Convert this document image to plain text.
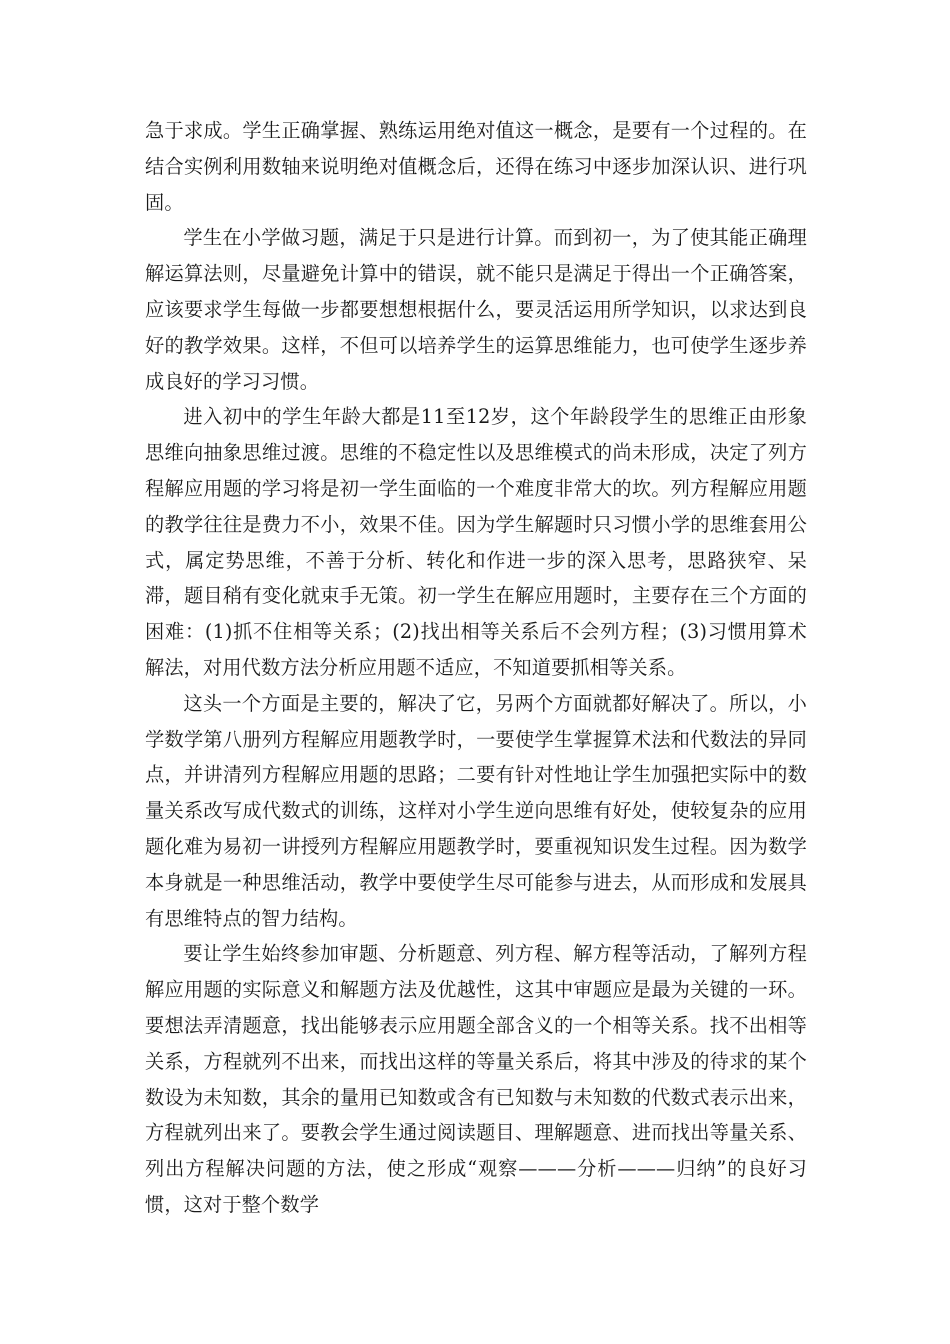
急于求成。学生正确掌握、熟练运用绝对值这一概念，是要有一个过程的。在结合实例利用数轴来说明绝对值概念后，还得在练习中逐步加深认识、进行巩固。

学生在小学做习题，满足于只是进行计算。而到初一，为了使其能正确理解运算法则，尽量避免计算中的错误，就不能只是满足于得出一个正确答案，应该要求学生每做一步都要想想根据什么，要灵活运用所学知识，以求达到良好的教学效果。这样，不但可以培养学生的运算思维能力，也可使学生逐步养成良好的学习习惯。

进入初中的学生年龄大都是11至12岁，这个年龄段学生的思维正由形象思维向抽象思维过渡。思维的不稳定性以及思维模式的尚未形成，决定了列方程解应用题的学习将是初一学生面临的一个难度非常大的坎。列方程解应用题的教学往往是费力不小，效果不佳。因为学生解题时只习惯小学的思维套用公式，属定势思维，不善于分析、转化和作进一步的深入思考，思路狭窄、呆滞，题目稍有变化就束手无策。初一学生在解应用题时，主要存在三个方面的困难：(1)抓不住相等关系；(2)找出相等关系后不会列方程；(3)习惯用算术解法，对用代数方法分析应用题不适应，不知道要抓相等关系。

这头一个方面是主要的，解决了它，另两个方面就都好解决了。所以，小学数学第八册列方程解应用题教学时，一要使学生掌握算术法和代数法的异同点，并讲清列方程解应用题的思路；二要有针对性地让学生加强把实际中的数量关系改写成代数式的训练，这样对小学生逆向思维有好处，使较复杂的应用题化难为易初一讲授列方程解应用题教学时，要重视知识发生过程。因为数学本身就是一种思维活动，教学中要使学生尽可能参与进去，从而形成和发展具有思维特点的智力结构。

要让学生始终参加审题、分析题意、列方程、解方程等活动，了解列方程解应用题的实际意义和解题方法及优越性，这其中审题应是最为关键的一环。要想法弄清题意，找出能够表示应用题全部含义的一个相等关系。找不出相等关系，方程就列不出来，而找出这样的等量关系后，将其中涉及的待求的某个数设为未知数，其余的量用已知数或含有已知数与未知数的代数式表示出来，方程就列出来了。要教会学生通过阅读题目、理解题意、进而找出等量关系、列出方程解决问题的方法，使之形成“观察———分析———归纳”的良好习惯，这对于整个数学
